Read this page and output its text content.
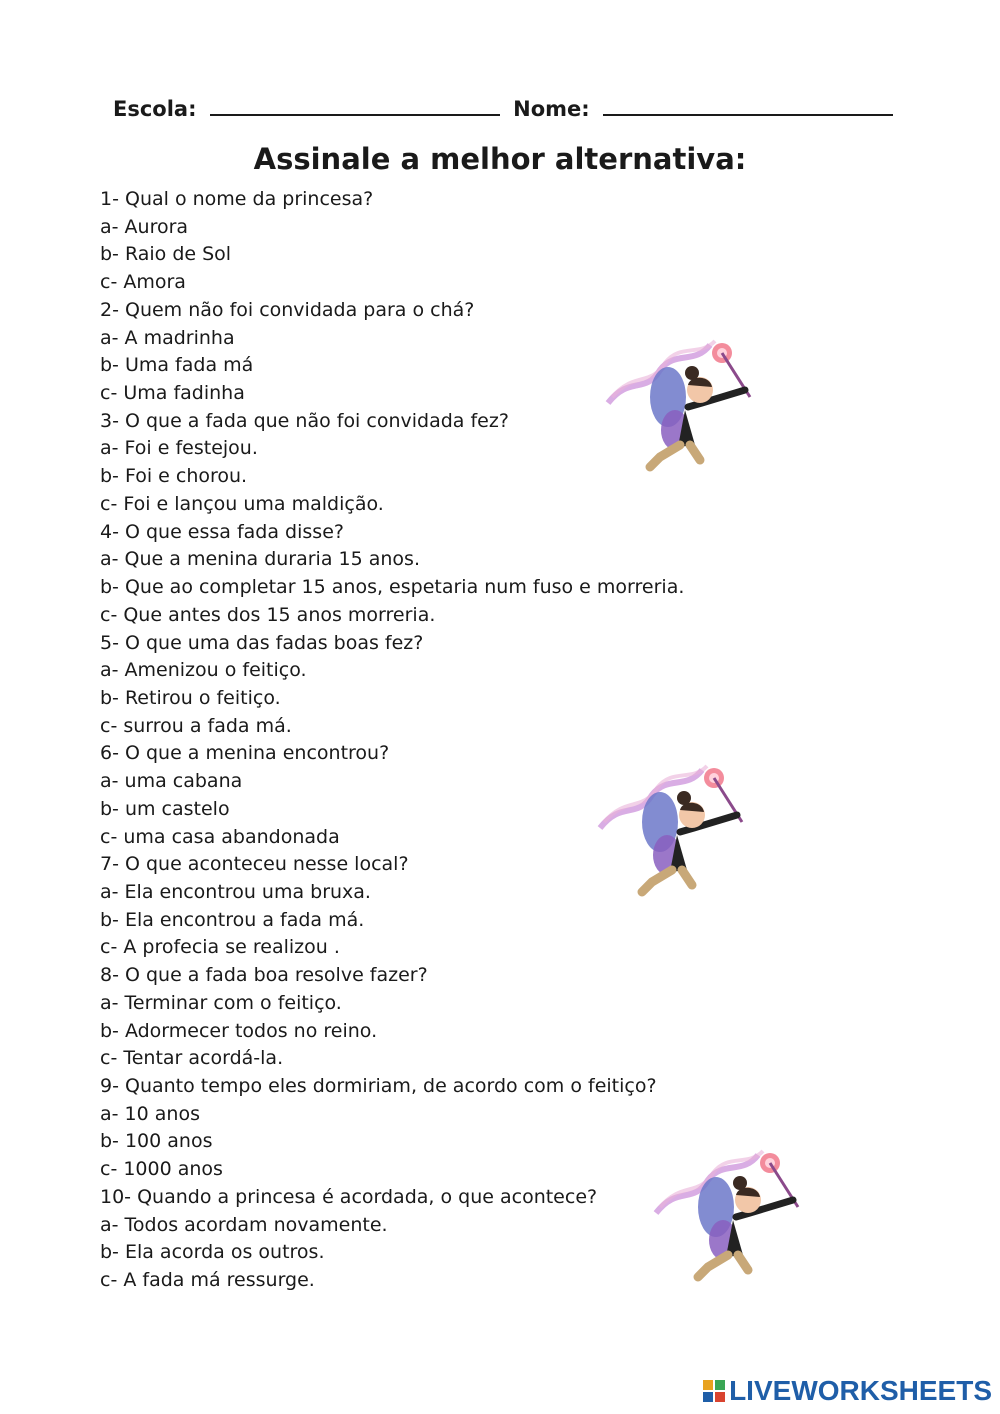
Escola:	Nome:
Assinale a melhor alternativa:
1- Qual o nome da princesa?
a- Aurora
b- Raio de Sol
c- Amora
2- Quem não foi convidada para o chá?
a- A madrinha
b- Uma fada má
c- Uma fadinha
3- O que a fada que não foi convidada fez?
a- Foi e festejou.
b- Foi e chorou.
c- Foi e lançou uma maldição.
4- O que essa fada disse?
a- Que a menina duraria 15 anos.
b- Que ao completar 15 anos, espetaria num fuso e morreria.
c- Que antes dos 15 anos morreria.
5- O que uma das fadas boas fez?
a- Amenizou o feitiço.
b- Retirou o feitiço.
c- surrou a fada má.
6- O que a menina encontrou?
a- uma cabana
b- um castelo
c- uma casa abandonada
7- O que aconteceu nesse local?
a- Ela encontrou uma bruxa.
b- Ela encontrou a fada má.
c- A profecia se realizou .
8- O que a fada boa resolve fazer?
a- Terminar com o feitiço.
b- Adormecer todos no reino.
c- Tentar acordá-la.
9- Quanto tempo eles dormiriam, de acordo com o feitiço?
a- 10 anos
b- 100 anos
c- 1000 anos
10- Quando a princesa é acordada, o que acontece?
a- Todos acordam novamente.
b- Ela acorda os outros.
c- A fada má ressurge.
LIVEWORKSHEETS
